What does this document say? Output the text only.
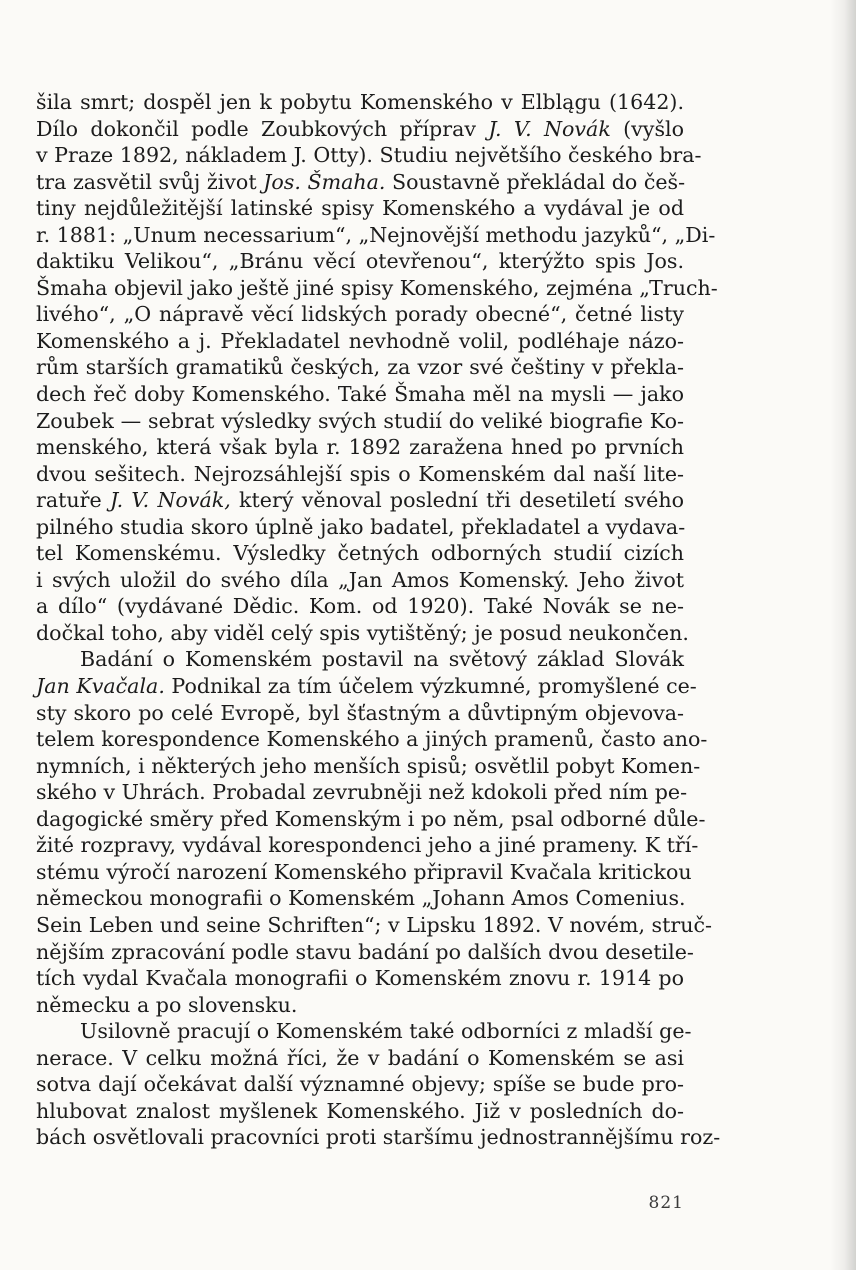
šila smrt; dospěl jen k pobytu Komenského v Elblągu (1642).
Dílo dokončil podle Zoubkových příprav J. V. Novák (vyšlo
v Praze 1892, nákladem J. Otty). Studiu největšího českého bra-
tra zasvětil svůj život Jos. Šmaha. Soustavně překládal do češ-
tiny nejdůležitější latinské spisy Komenského a vydával je od
r. 1881: „Unum necessarium“, „Nejnovější methodu jazyků“, „Di-
daktiku Velikou“, „Bránu věcí otevřenou“, kterýžto spis Jos.
Šmaha objevil jako ještě jiné spisy Komenského, zejména „Truch-
livého“, „O nápravě věcí lidských porady obecné“, četné listy
Komenského a j. Překladatel nevhodně volil, podléhaje názo-
rům starších gramatiků českých, za vzor své češtiny v překla-
dech řeč doby Komenského. Také Šmaha měl na mysli — jako
Zoubek — sebrat výsledky svých studií do veliké biografie Ko-
menského, která však byla r. 1892 zaražena hned po prvních
dvou sešitech. Nejrozsáhlejší spis o Komenském dal naší lite-
ratuře J. V. Novák, který věnoval poslední tři desetiletí svého
pilného studia skoro úplně jako badatel, překladatel a vydava-
tel Komenskému. Výsledky četných odborných studií cizích
i svých uložil do svého díla „Jan Amos Komenský. Jeho život
a dílo“ (vydávané Dědic. Kom. od 1920). Také Novák se ne-
dočkal toho, aby viděl celý spis vytištěný; je posud neukončen.
Badání o Komenském postavil na světový základ Slovák
Jan Kvačala. Podnikal za tím účelem výzkumné, promyšlené ce-
sty skoro po celé Evropě, byl šťastným a důvtipným objevova-
telem korespondence Komenského a jiných pramenů, často ano-
nymních, i některých jeho menších spisů; osvětlil pobyt Komen-
ského v Uhrách. Probadal zevrubněji než kdokoli před ním pe-
dagogické směry před Komenským i po něm, psal odborné důle-
žité rozpravy, vydával korespondenci jeho a jiné prameny. K tří-
stému výročí narození Komenského připravil Kvačala kritickou
německou monografii o Komenském „Johann Amos Comenius.
Sein Leben und seine Schriften“; v Lipsku 1892. V novém, struč-
nějším zpracování podle stavu badání po dalších dvou desetile-
tích vydal Kvačala monografii o Komenském znovu r. 1914 po
německu a po slovensku.
Usilovně pracují o Komenském také odborníci z mladší ge-
nerace. V celku možná říci, že v badání o Komenském se asi
sotva dají očekávat další významné objevy; spíše se bude pro-
hlubovat znalost myšlenek Komenského. Již v posledních do-
bách osvětlovali pracovníci proti staršímu jednostrannějšímu roz-
821
